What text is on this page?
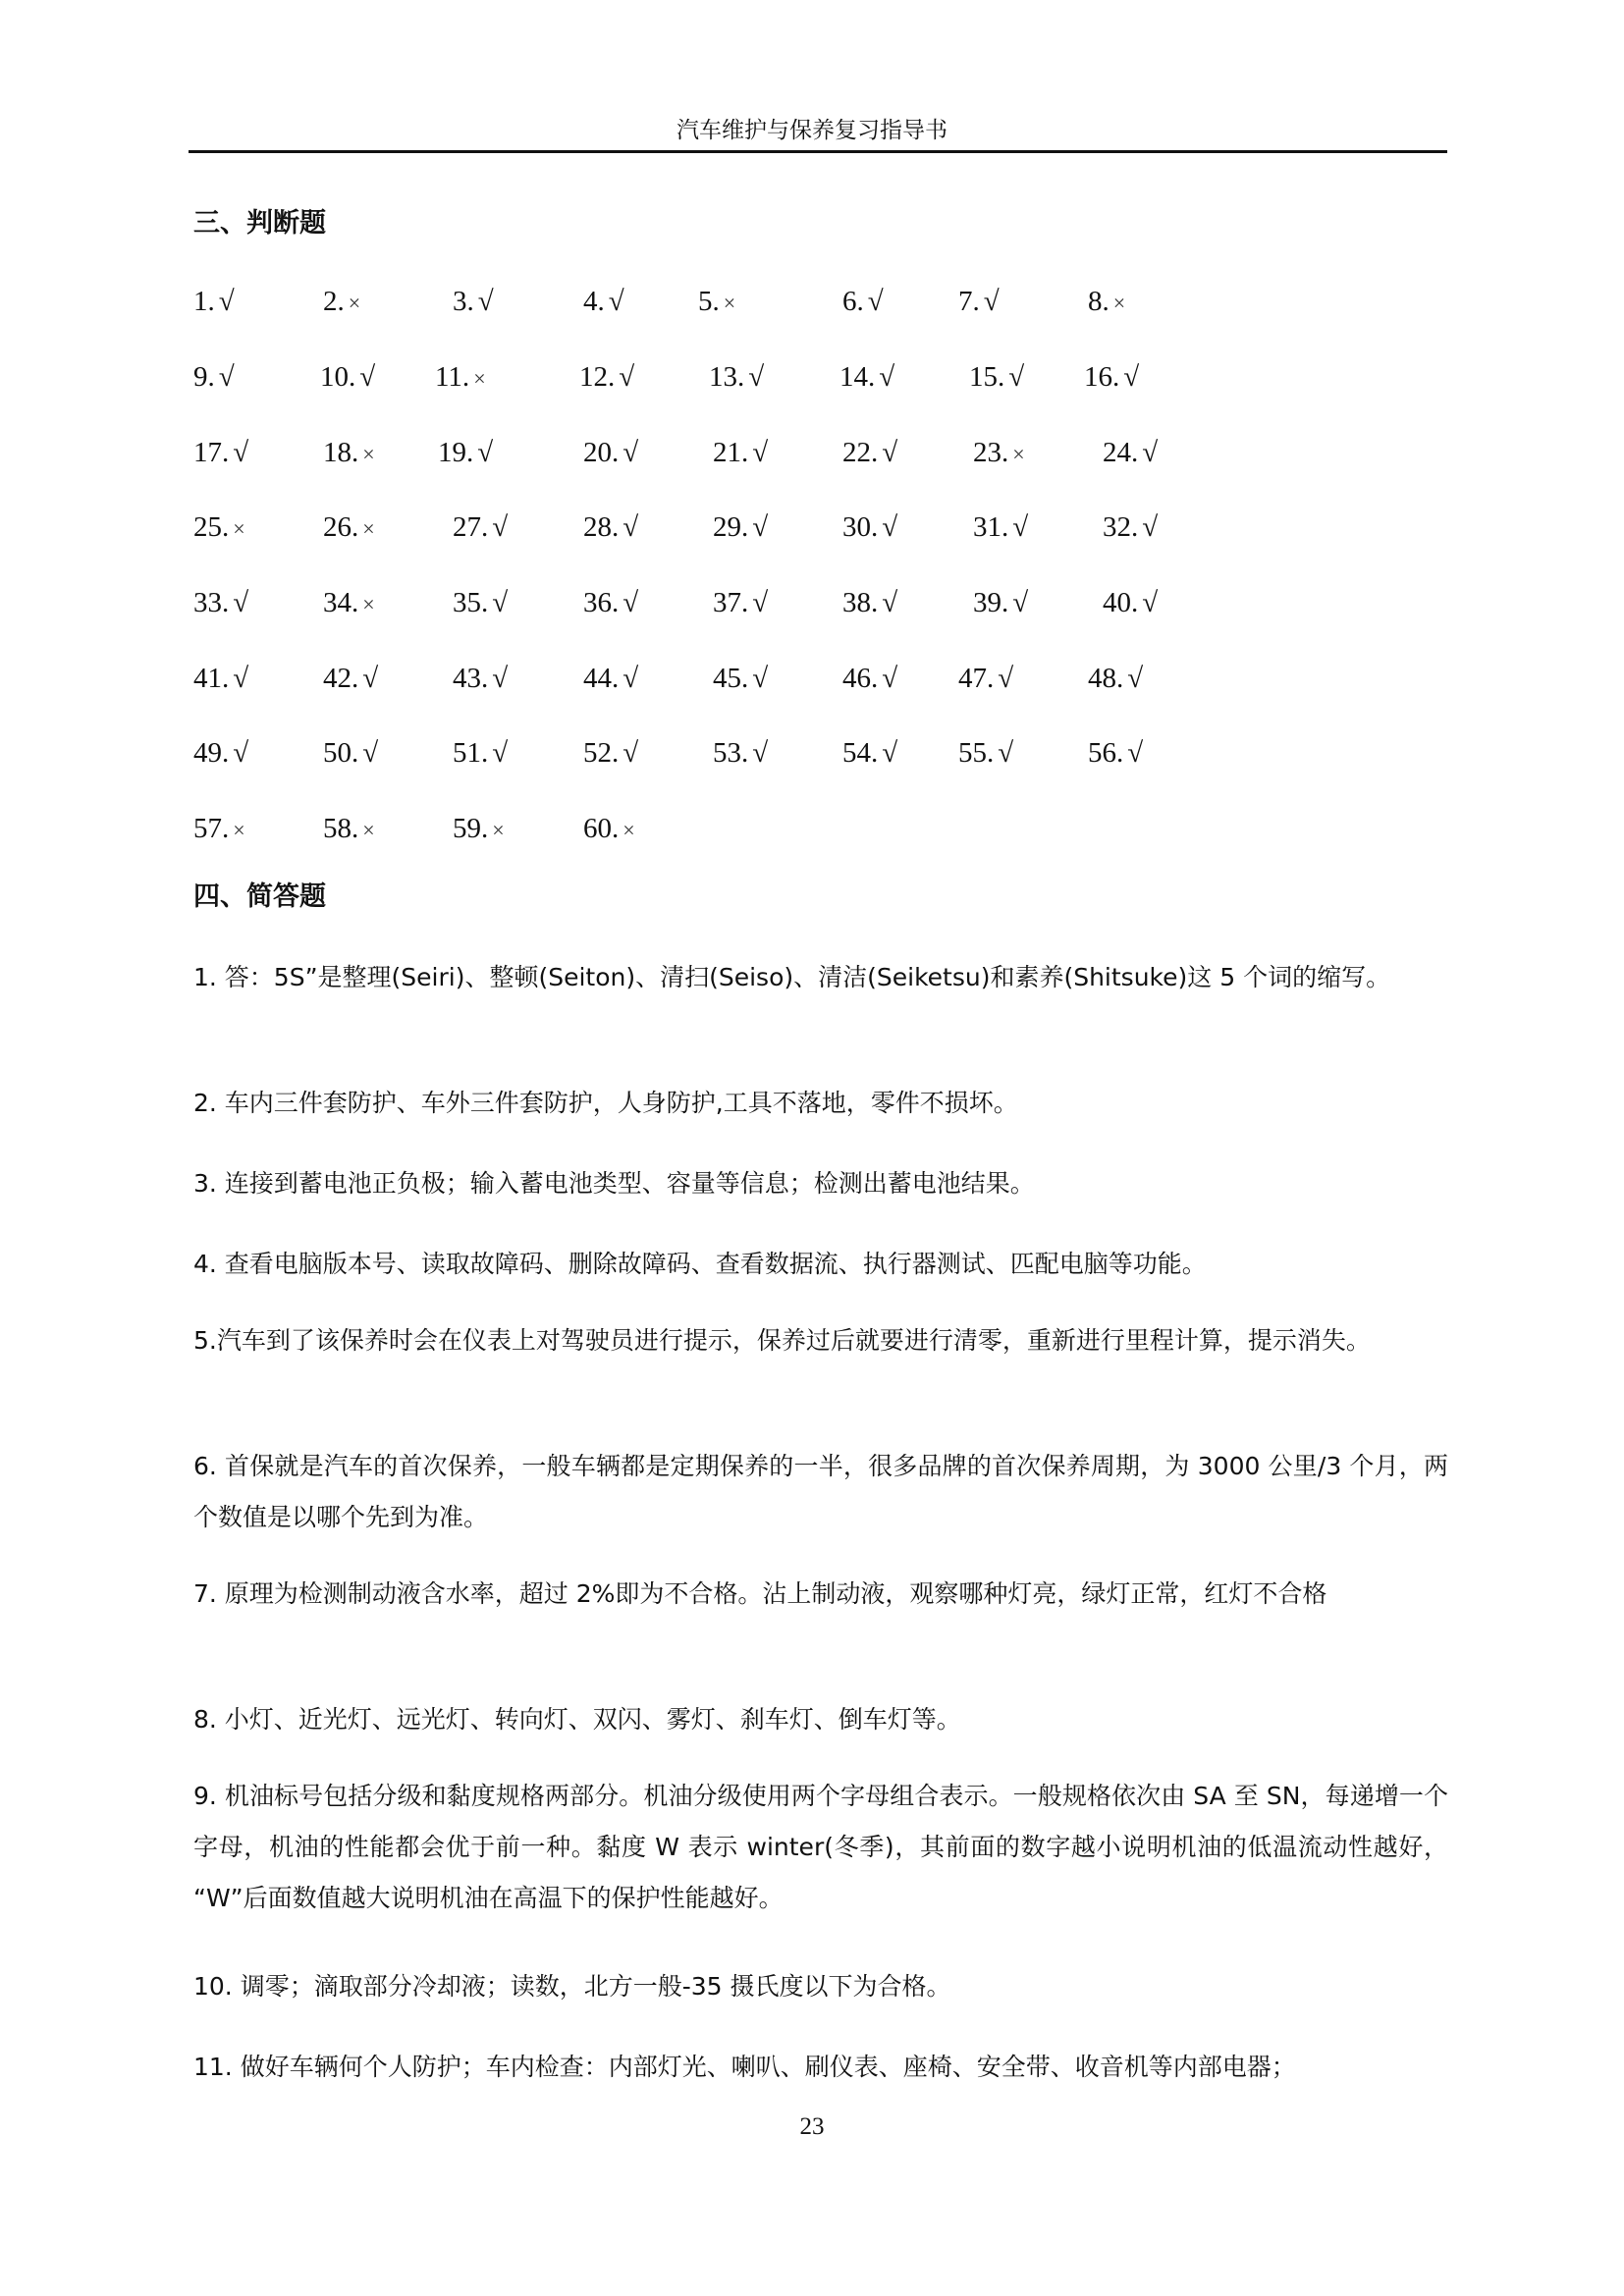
汽车维护与保养复习指导书
三、判断题
1. √	2. ×	3. √	4. √	5. ×	6. √	7. √	8. ×
9. √	10. √ 11. ×	12. √	13. √	14. √	15. √ 16. √
17. √	18. × 19. √	20. √	21. √	22. √	23. ×	24. √
25. ×	26. ×	27. √	28. √	29. √	30. √	31. √	32. √
33. √	34. ×	35. √	36. √	37. √	38. √	39. √	40. √
41. √	42. √	43. √	44. √	45. √	46. √ 47. √	48. √
49. √	50. √	51. √	52. √	53. √	54. √ 55. √	56. √
57. ×	58. ×	59. ×	60. ×
四、简答题
1. 答：5S”是整理(Seiri)、整顿(Seiton)、清扫(Seiso)、清洁(Seiketsu)和素养(Shitsuke)这 5 个词的缩写。
2. 车内三件套防护、车外三件套防护，人身防护,工具不落地，零件不损坏。
3. 连接到蓄电池正负极；输入蓄电池类型、容量等信息；检测出蓄电池结果。
4. 查看电脑版本号、读取故障码、删除故障码、查看数据流、执行器测试、匹配电脑等功能。
5.汽车到了该保养时会在仪表上对驾驶员进行提示，保养过后就要进行清零，重新进行里程计算，提示消失。
6. 首保就是汽车的首次保养，一般车辆都是定期保养的一半，很多品牌的首次保养周期，为 3000 公里/3 个月，两个数值是以哪个先到为准。
7. 原理为检测制动液含水率，超过 2%即为不合格。沾上制动液，观察哪种灯亮，绿灯正常，红灯不合格
8. 小灯、近光灯、远光灯、转向灯、双闪、雾灯、刹车灯、倒车灯等。
9. 机油标号包括分级和黏度规格两部分。机油分级使用两个字母组合表示。一般规格依次由 SA 至 SN，每递增一个字母，机油的性能都会优于前一种。黏度 W 表示 winter(冬季)，其前面的数字越小说明机油的低温流动性越好， “W”后面数值越大说明机油在高温下的保护性能越好。
10. 调零；滴取部分冷却液；读数，北方一般-35 摄氏度以下为合格。
11. 做好车辆何个人防护；车内检查：内部灯光、喇叭、刷仪表、座椅、安全带、收音机等内部电器；
23
